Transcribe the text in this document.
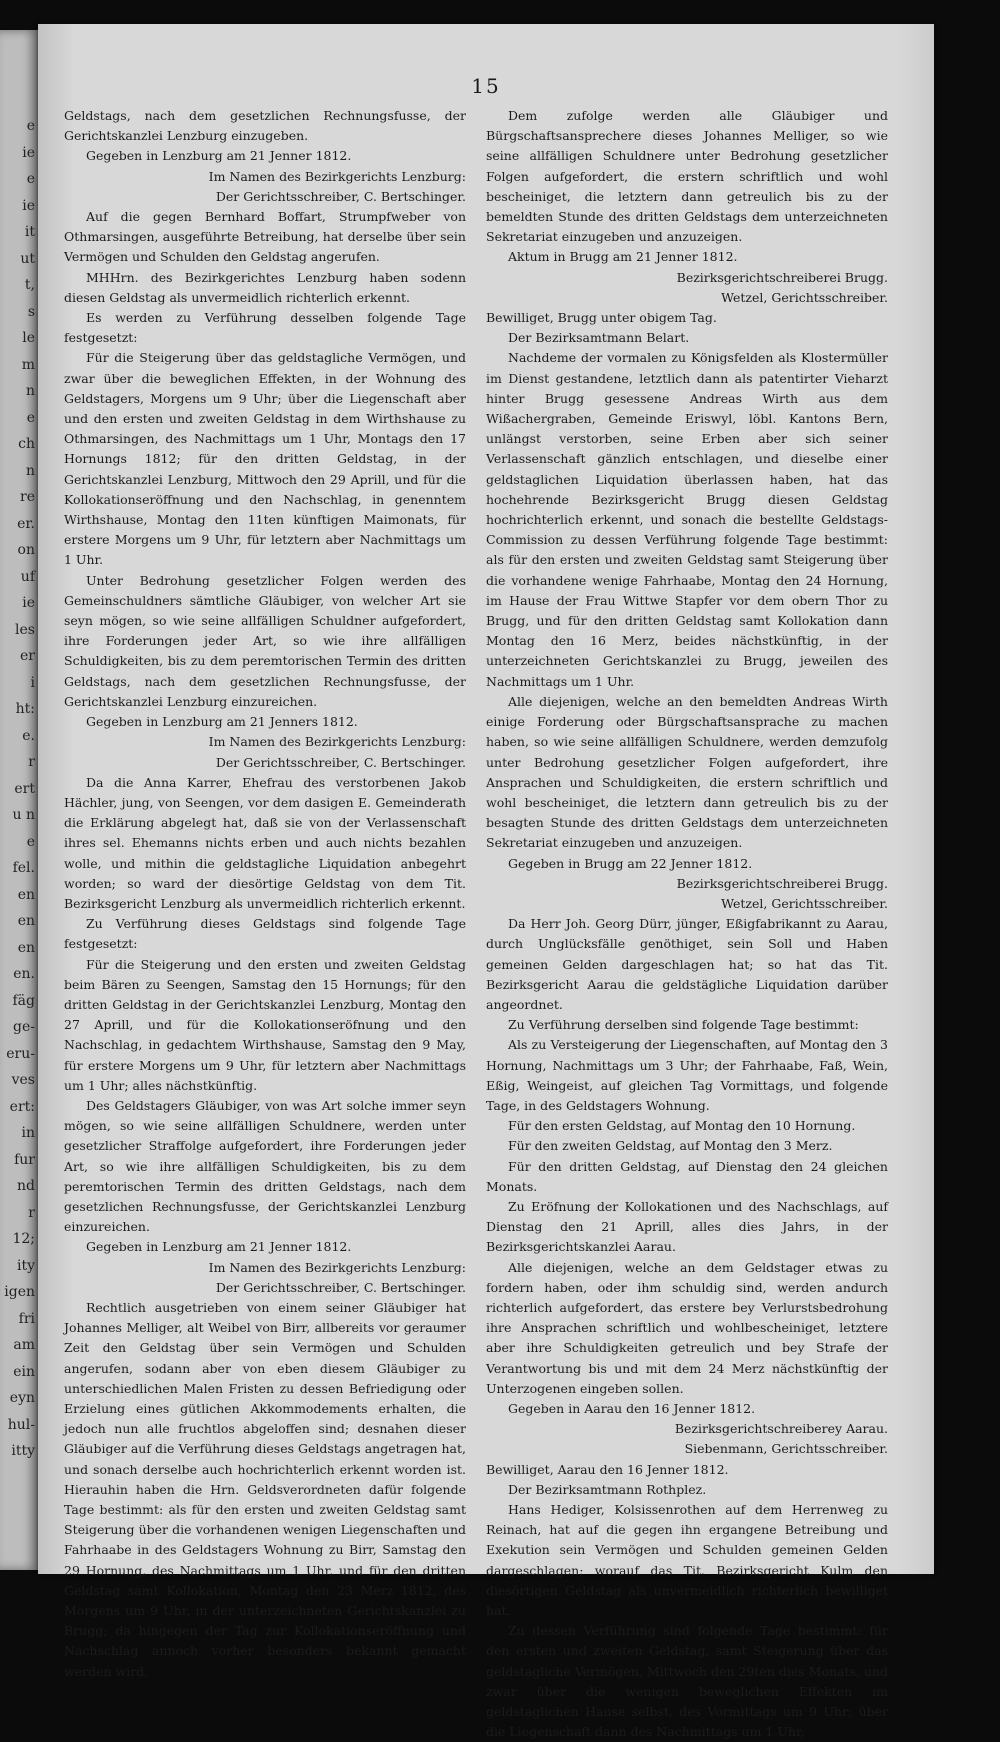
e
ie
e
ie
it
ut
t,
s
le
m
n
e
ch
n
re
er.
on
uf
ie
les
er
i
ht:
e.
r
ert
u n
e
fel.
en
en
en
en.
fäg
ge-
eru-
ves
ert:
in
fur
nd
r
12;
ity
igen
fri
am
ein
eyn
hul-
itty
15

Geldstags, nach dem gesetzlichen Rechnungsfusse, der Gerichtskanzlei Lenzburg einzugeben.

Gegeben in Lenzburg am 21 Jenner 1812.

Im Namen des Bezirkgerichts Lenzburg:

Der Gerichtsschreiber, C. Bertschinger.

Auf die gegen Bernhard Boffart, Strumpfweber von Othmarsingen, ausgeführte Betreibung, hat derselbe über sein Vermögen und Schulden den Geldstag angerufen.

MHHrn. des Bezirkgerichtes Lenzburg haben sodenn diesen Geldstag als unvermeidlich richterlich erkennt.

Es werden zu Verführung desselben folgende Tage festgesetzt:

Für die Steigerung über das geldstagliche Vermögen, und zwar über die beweglichen Effekten, in der Wohnung des Geldstagers, Morgens um 9 Uhr; über die Liegenschaft aber und den ersten und zweiten Geldstag in dem Wirthshause zu Othmarsingen, des Nachmittags um 1 Uhr, Montags den 17 Hornungs 1812; für den dritten Geldstag, in der Gerichtskanzlei Lenzburg, Mittwoch den 29 Aprill, und für die Kollokationseröffnung und den Nachschlag, in genenntem Wirthshause, Montag den 11ten künftigen Maimonats, für erstere Morgens um 9 Uhr, für letztern aber Nachmittags um 1 Uhr.

Unter Bedrohung gesetzlicher Folgen werden des Gemeinschuldners sämtliche Gläubiger, von welcher Art sie seyn mögen, so wie seine allfälligen Schuldner aufgefordert, ihre Forderungen jeder Art, so wie ihre allfälligen Schuldigkeiten, bis zu dem peremtorischen Termin des dritten Geldstags, nach dem gesetzlichen Rechnungsfusse, der Gerichtskanzlei Lenzburg einzureichen.

Gegeben in Lenzburg am 21 Jenners 1812.

Im Namen des Bezirkgerichts Lenzburg:

Der Gerichtsschreiber, C. Bertschinger.

Da die Anna Karrer, Ehefrau des verstorbenen Jakob Hächler, jung, von Seengen, vor dem dasigen E. Gemeinderath die Erklärung abgelegt hat, daß sie von der Verlassenschaft ihres sel. Ehemanns nichts erben und auch nichts bezahlen wolle, und mithin die geldstagliche Liquidation anbegehrt worden; so ward der diesörtige Geldstag von dem Tit. Bezirksgericht Lenzburg als unvermeidlich richterlich erkennt.

Zu Verführung dieses Geldstags sind folgende Tage festgesetzt:

Für die Steigerung und den ersten und zweiten Geldstag beim Bären zu Seengen, Samstag den 15 Hornungs; für den dritten Geldstag in der Gerichtskanzlei Lenzburg, Montag den 27 Aprill, und für die Kollokationseröfnung und den Nachschlag, in gedachtem Wirthshause, Samstag den 9 May, für erstere Morgens um 9 Uhr, für letztern aber Nachmittags um 1 Uhr; alles nächstkünftig.

Des Geldstagers Gläubiger, von was Art solche immer seyn mögen, so wie seine allfälligen Schuldnere, werden unter gesetzlicher Straffolge aufgefordert, ihre Forderungen jeder Art, so wie ihre allfälligen Schuldigkeiten, bis zu dem peremtorischen Termin des dritten Geldstags, nach dem gesetzlichen Rechnungsfusse, der Gerichtskanzlei Lenzburg einzureichen.

Gegeben in Lenzburg am 21 Jenner 1812.

Im Namen des Bezirkgerichts Lenzburg:

Der Gerichtsschreiber, C. Bertschinger.

Rechtlich ausgetrieben von einem seiner Gläubiger hat Johannes Melliger, alt Weibel von Birr, allbereits vor geraumer Zeit den Geldstag über sein Vermögen und Schulden angerufen, sodann aber von eben diesem Gläubiger zu unterschiedlichen Malen Fristen zu dessen Befriedigung oder Erzielung eines gütlichen Akkommodements erhalten, die jedoch nun alle fruchtlos abgeloffen sind; desnahen dieser Gläubiger auf die Verführung dieses Geldstags angetragen hat, und sonach derselbe auch hochrichterlich erkennt worden ist. Hierauhin haben die Hrn. Geldsverordneten dafür folgende Tage bestimmt: als für den ersten und zweiten Geldstag samt Steigerung über die vorhandenen wenigen Liegenschaften und Fahrhaabe in des Geldstagers Wohnung zu Birr, Samstag den 29 Hornung, des Nachmittags um 1 Uhr, und für den dritten Geldstag samt Kollokation, Montag den 23 Merz 1812, des Morgens um 9 Uhr, in der unterzeichneten Gerichtskanzlei zu Brugg; da hingegen der Tag zur Kollokationseröffnung und Nachschlag annoch vorher besonders bekannt gemacht werden wird.

Dem zufolge werden alle Gläubiger und Bürgschaftsansprechere dieses Johannes Melliger, so wie seine allfälligen Schuldnere unter Bedrohung gesetzlicher Folgen aufgefordert, die erstern schriftlich und wohl bescheiniget, die letztern dann getreulich bis zu der bemeldten Stunde des dritten Geldstags dem unterzeichneten Sekretariat einzugeben und anzuzeigen.

Aktum in Brugg am 21 Jenner 1812.

Bezirksgerichtschreiberei Brugg.

Wetzel, Gerichtsschreiber.

Bewilliget, Brugg unter obigem Tag.

Der Bezirksamtmann Belart.

Nachdeme der vormalen zu Königsfelden als Klostermüller im Dienst gestandene, letztlich dann als patentirter Vieharzt hinter Brugg gesessene Andreas Wirth aus dem Wißachergraben, Gemeinde Eriswyl, löbl. Kantons Bern, unlängst verstorben, seine Erben aber sich seiner Verlassenschaft gänzlich entschlagen, und dieselbe einer geldstaglichen Liquidation überlassen haben, hat das hochehrende Bezirksgericht Brugg diesen Geldstag hochrichterlich erkennt, und sonach die bestellte Geldstags-Commission zu dessen Verführung folgende Tage bestimmt: als für den ersten und zweiten Geldstag samt Steigerung über die vorhandene wenige Fahrhaabe, Montag den 24 Hornung, im Hause der Frau Wittwe Stapfer vor dem obern Thor zu Brugg, und für den dritten Geldstag samt Kollokation dann Montag den 16 Merz, beides nächstkünftig, in der unterzeichneten Gerichtskanzlei zu Brugg, jeweilen des Nachmittags um 1 Uhr.

Alle diejenigen, welche an den bemeldten Andreas Wirth einige Forderung oder Bürgschaftsansprache zu machen haben, so wie seine allfälligen Schuldnere, werden demzufolg unter Bedrohung gesetzlicher Folgen aufgefordert, ihre Ansprachen und Schuldigkeiten, die erstern schriftlich und wohl bescheiniget, die letztern dann getreulich bis zu der besagten Stunde des dritten Geldstags dem unterzeichneten Sekretariat einzugeben und anzuzeigen.

Gegeben in Brugg am 22 Jenner 1812.

Bezirksgerichtschreiberei Brugg.

Wetzel, Gerichtsschreiber.

Da Herr Joh. Georg Dürr, jünger, Eßigfabrikannt zu Aarau, durch Unglücksfälle genöthiget, sein Soll und Haben gemeinen Gelden dargeschlagen hat; so hat das Tit. Bezirksgericht Aarau die geldstägliche Liquidation darüber angeordnet.

Zu Verführung derselben sind folgende Tage bestimmt:

Als zu Versteigerung der Liegenschaften, auf Montag den 3 Hornung, Nachmittags um 3 Uhr; der Fahrhaabe, Faß, Wein, Eßig, Weingeist, auf gleichen Tag Vormittags, und folgende Tage, in des Geldstagers Wohnung.

Für den ersten Geldstag, auf Montag den 10 Hornung.

Für den zweiten Geldstag, auf Montag den 3 Merz.

Für den dritten Geldstag, auf Dienstag den 24 gleichen Monats.

Zu Eröfnung der Kollokationen und des Nachschlags, auf Dienstag den 21 Aprill, alles dies Jahrs, in der Bezirksgerichtskanzlei Aarau.

Alle diejenigen, welche an dem Geldstager etwas zu fordern haben, oder ihm schuldig sind, werden andurch richterlich aufgefordert, das erstere bey Verlurstsbedrohung ihre Ansprachen schriftlich und wohlbescheiniget, letztere aber ihre Schuldigkeiten getreulich und bey Strafe der Verantwortung bis und mit dem 24 Merz nächstkünftig der Unterzogenen eingeben sollen.

Gegeben in Aarau den 16 Jenner 1812.

Bezirksgerichtschreiberey Aarau.

Siebenmann, Gerichtsschreiber.

Bewilliget, Aarau den 16 Jenner 1812.

Der Bezirksamtmann Rothplez.

Hans Hediger, Kolsissenrothen auf dem Herrenweg zu Reinach, hat auf die gegen ihn ergangene Betreibung und Exekution sein Vermögen und Schulden gemeinen Gelden dargeschlagen; worauf das Tit. Bezirksgericht Kulm den diesörtigen Geldstag als unvermeidlich richterlich bewilliget hat.

Zu dessen Verführung sind folgende Tage bestimmt: für den ersten und zweiten Geldstag, samt Steigerung über das geldstagliche Vermögen, Mittwoch den 29ten dies Monats, und zwar über die wenigen beweglichen Effekten im geldstaglichen Hause selbst, des Vormittags um 9 Uhr; über die Liegenschaft dann des Nachmittags um 1 Uhr,
